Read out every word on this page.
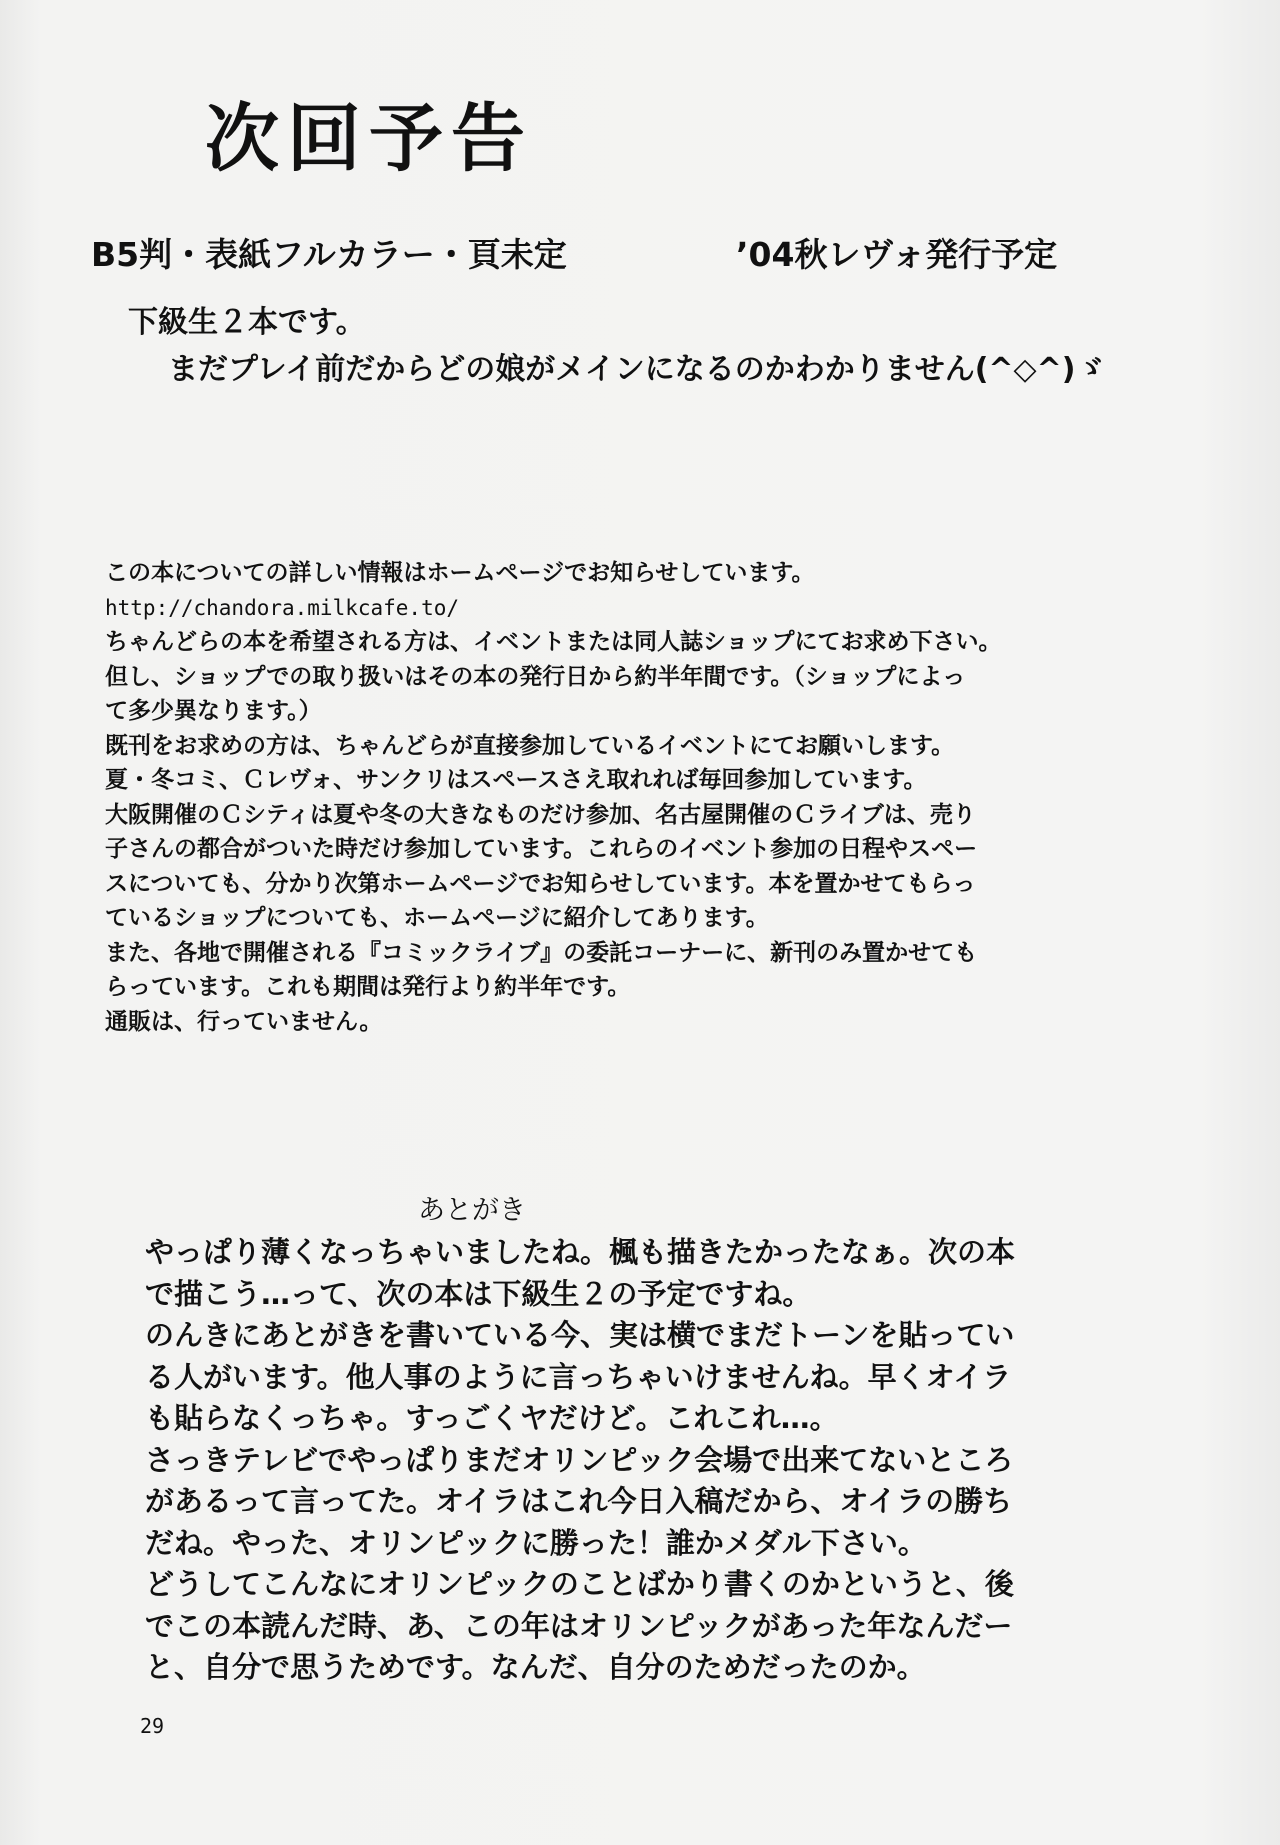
次回予告
B5判・表紙フルカラー・頁未定	’04秋レヴォ発行予定
下級生２本です。
まだプレイ前だからどの娘がメインになるのかわかりません(^◇^)ゞ

この本についての詳しい情報はホームページでお知らせしています。

http://chandora.milkcafe.to/

ちゃんどらの本を希望される方は、イベントまたは同人誌ショップにてお求め下さい。

但し、ショップでの取り扱いはその本の発行日から約半年間です。（ショップによっ

て多少異なります。）

既刊をお求めの方は、ちゃんどらが直接参加しているイベントにてお願いします。

夏・冬コミ、Ｃレヴォ、サンクリはスペースさえ取れれば毎回参加しています。

大阪開催のＣシティは夏や冬の大きなものだけ参加、名古屋開催のＣライブは、売り

子さんの都合がついた時だけ参加しています。これらのイベント参加の日程やスペー

スについても、分かり次第ホームページでお知らせしています。本を置かせてもらっ

ているショップについても、ホームページに紹介してあります。

また、各地で開催される『コミックライブ』の委託コーナーに、新刊のみ置かせても

らっています。これも期間は発行より約半年です。

通販は、行っていません。

あとがき

やっぱり薄くなっちゃいましたね。楓も描きたかったなぁ。次の本

で描こう…って、次の本は下級生２の予定ですね。

のんきにあとがきを書いている今、実は横でまだトーンを貼ってい

る人がいます。他人事のように言っちゃいけませんね。早くオイラ

も貼らなくっちゃ。すっごくヤだけど。これこれ…。

さっきテレビでやっぱりまだオリンピック会場で出来てないところ

があるって言ってた。オイラはこれ今日入稿だから、オイラの勝ち

だね。やった、オリンピックに勝った！誰かメダル下さい。

どうしてこんなにオリンピックのことばかり書くのかというと、後

でこの本読んだ時、あ、この年はオリンピックがあった年なんだー

と、自分で思うためです。なんだ、自分のためだったのか。

29
